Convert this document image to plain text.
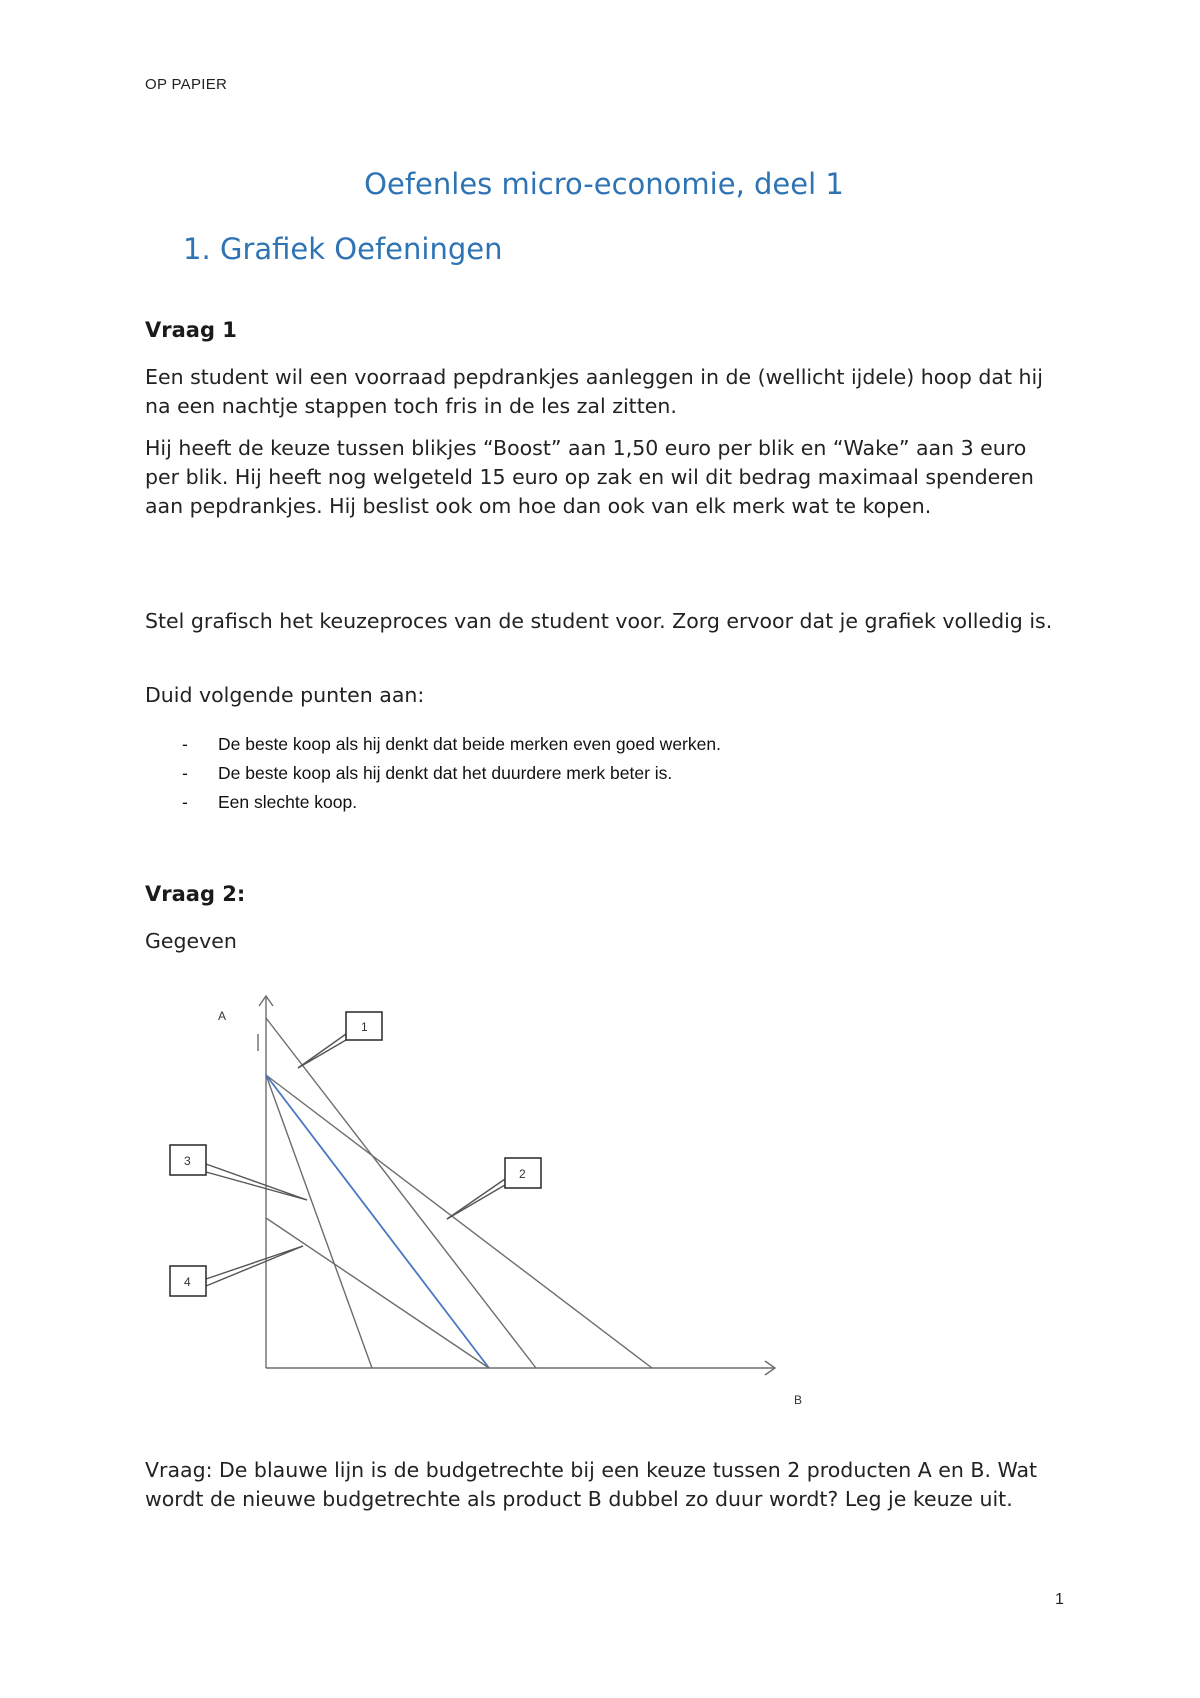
OP PAPIER
Oefenles micro-economie, deel 1
1. Grafiek Oefeningen
Vraag 1

Een student wil een voorraad pepdrankjes aanleggen in de (wellicht ijdele) hoop dat hij na een nachtje stappen toch fris in de les zal zitten.

Hij heeft de keuze tussen blikjes “Boost” aan 1,50 euro per blik en “Wake” aan 3 euro per blik. Hij heeft nog welgeteld 15 euro op zak en wil dit bedrag maximaal spenderen aan pepdrankjes. Hij beslist ook om hoe dan ook van elk merk wat te kopen.

Stel grafisch het keuzeproces van de student voor. Zorg ervoor dat je grafiek volledig is.

Duid volgende punten aan:

- De beste koop als hij denkt dat beide merken even goed werken.
- De beste koop als hij denkt dat het duurdere merk beter is.
- Een slechte koop.
Vraag 2:

Gegeven

1
2
3
4
A
B

Vraag: De blauwe lijn is de budgetrechte bij een keuze tussen 2 producten A en B. Wat wordt de nieuwe budgetrechte als product B dubbel zo duur wordt? Leg je keuze uit.

1
